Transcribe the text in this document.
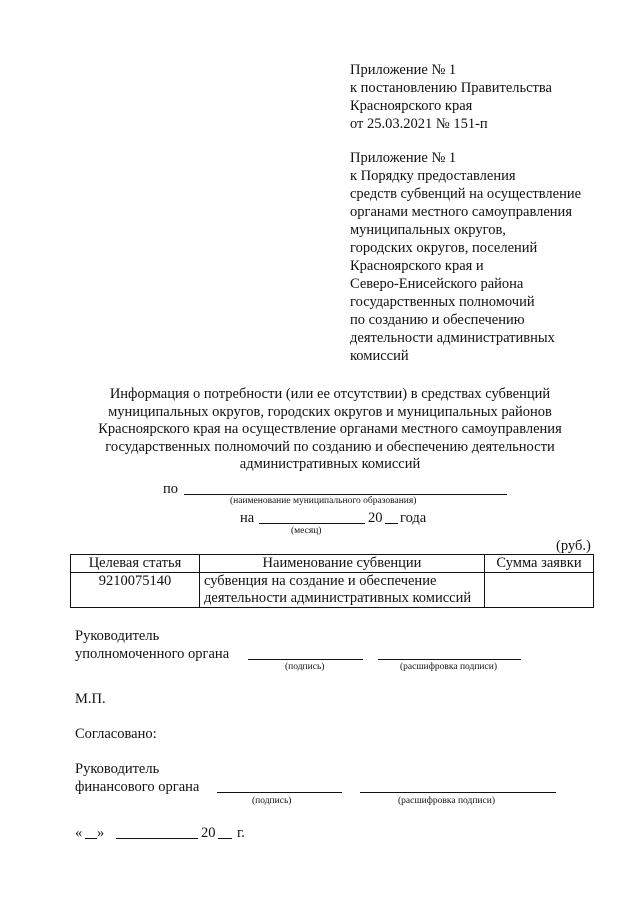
Приложение № 1
к постановлению Правительства
Красноярского края
от 25.03.2021 № 151-п
Приложение № 1
к Порядку предоставления
средств субвенций на осуществление
органами местного самоуправления
муниципальных округов,
городских округов, поселений
Красноярского края и
Северо-Енисейского района
государственных полномочий
по созданию и обеспечению
деятельности административных
комиссий
Информация о потребности (или ее отсутствии) в средствах субвенций
муниципальных округов, городских округов и муниципальных районов
Красноярского края на осуществление органами местного самоуправления
государственных полномочий по созданию и обеспечению деятельности
административных комиссий
по
(наименование муниципального образования)
на	20 года
(месяц)
(руб.)
Целевая статья	Наименование субвенции	Сумма заявки
9210075140	субвенция на создание и обеспечение
деятельности административных комиссий	

Руководитель
уполномоченного органа
(подпись)	(расшифровка подписи)
М.П.
Согласовано:
Руководитель
финансового органа
(подпись)	(расшифровка подписи)
« »	20 г.
